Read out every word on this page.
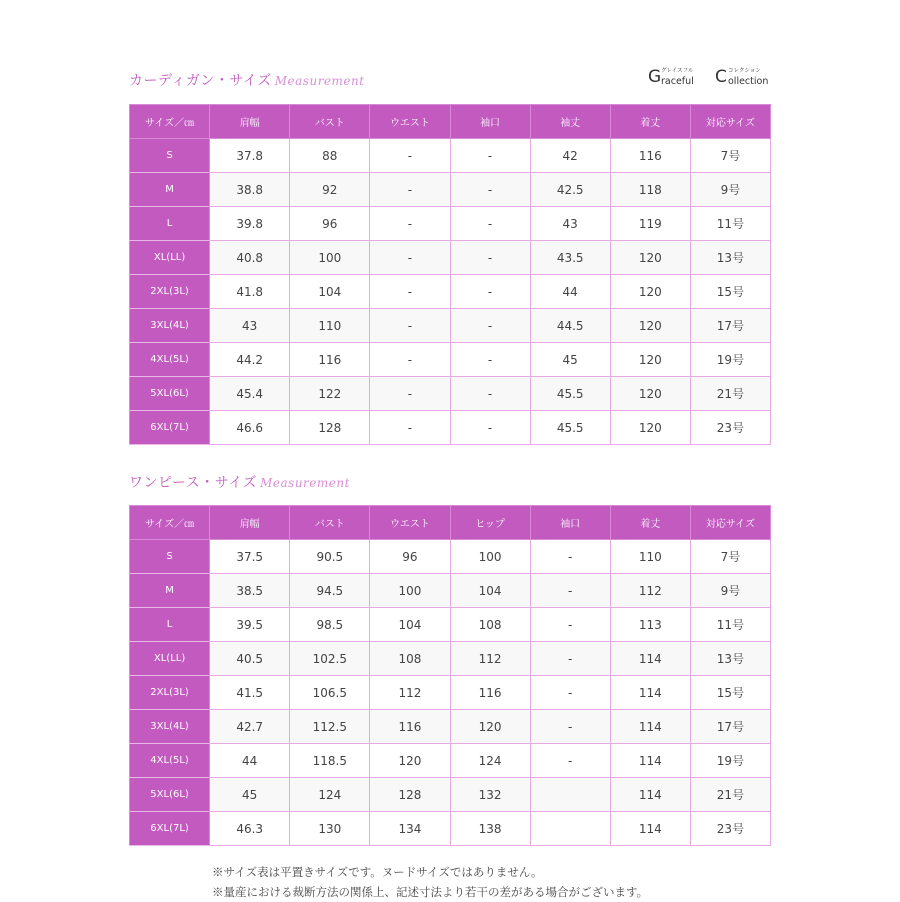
カーディガン・サイズ Measurement	G グレイスフル
raceful C コレクション
ollection
サイズ／㎝	肩幅	バスト	ウエスト	袖口	袖丈	着丈	対応サイズ
S	37.8	88	-	-	42	116	7号
M	38.8	92	-	-	42.5	118	9号
L	39.8	96	-	-	43	119	11号
XL(LL)	40.8	100	-	-	43.5	120	13号
2XL(3L)	41.8	104	-	-	44	120	15号
3XL(4L)	43	110	-	-	44.5	120	17号
4XL(5L)	44.2	116	-	-	45	120	19号
5XL(6L)	45.4	122	-	-	45.5	120	21号
6XL(7L)	46.6	128	-	-	45.5	120	23号
ワンピース・サイズ Measurement
サイズ／㎝	肩幅	バスト	ウエスト	ヒップ	袖口	着丈	対応サイズ
S	37.5	90.5	96	100	-	110	7号
M	38.5	94.5	100	104	-	112	9号
L	39.5	98.5	104	108	-	113	11号
XL(LL)	40.5	102.5	108	112	-	114	13号
2XL(3L)	41.5	106.5	112	116	-	114	15号
3XL(4L)	42.7	112.5	116	120	-	114	17号
4XL(5L)	44	118.5	120	124	-	114	19号
5XL(6L)	45	124	128	132		114	21号
6XL(7L)	46.3	130	134	138		114	23号
※サイズ表は平置きサイズです。ヌードサイズではありません。
※量産における裁断方法の関係上、記述寸法より若干の差がある場合がございます。
